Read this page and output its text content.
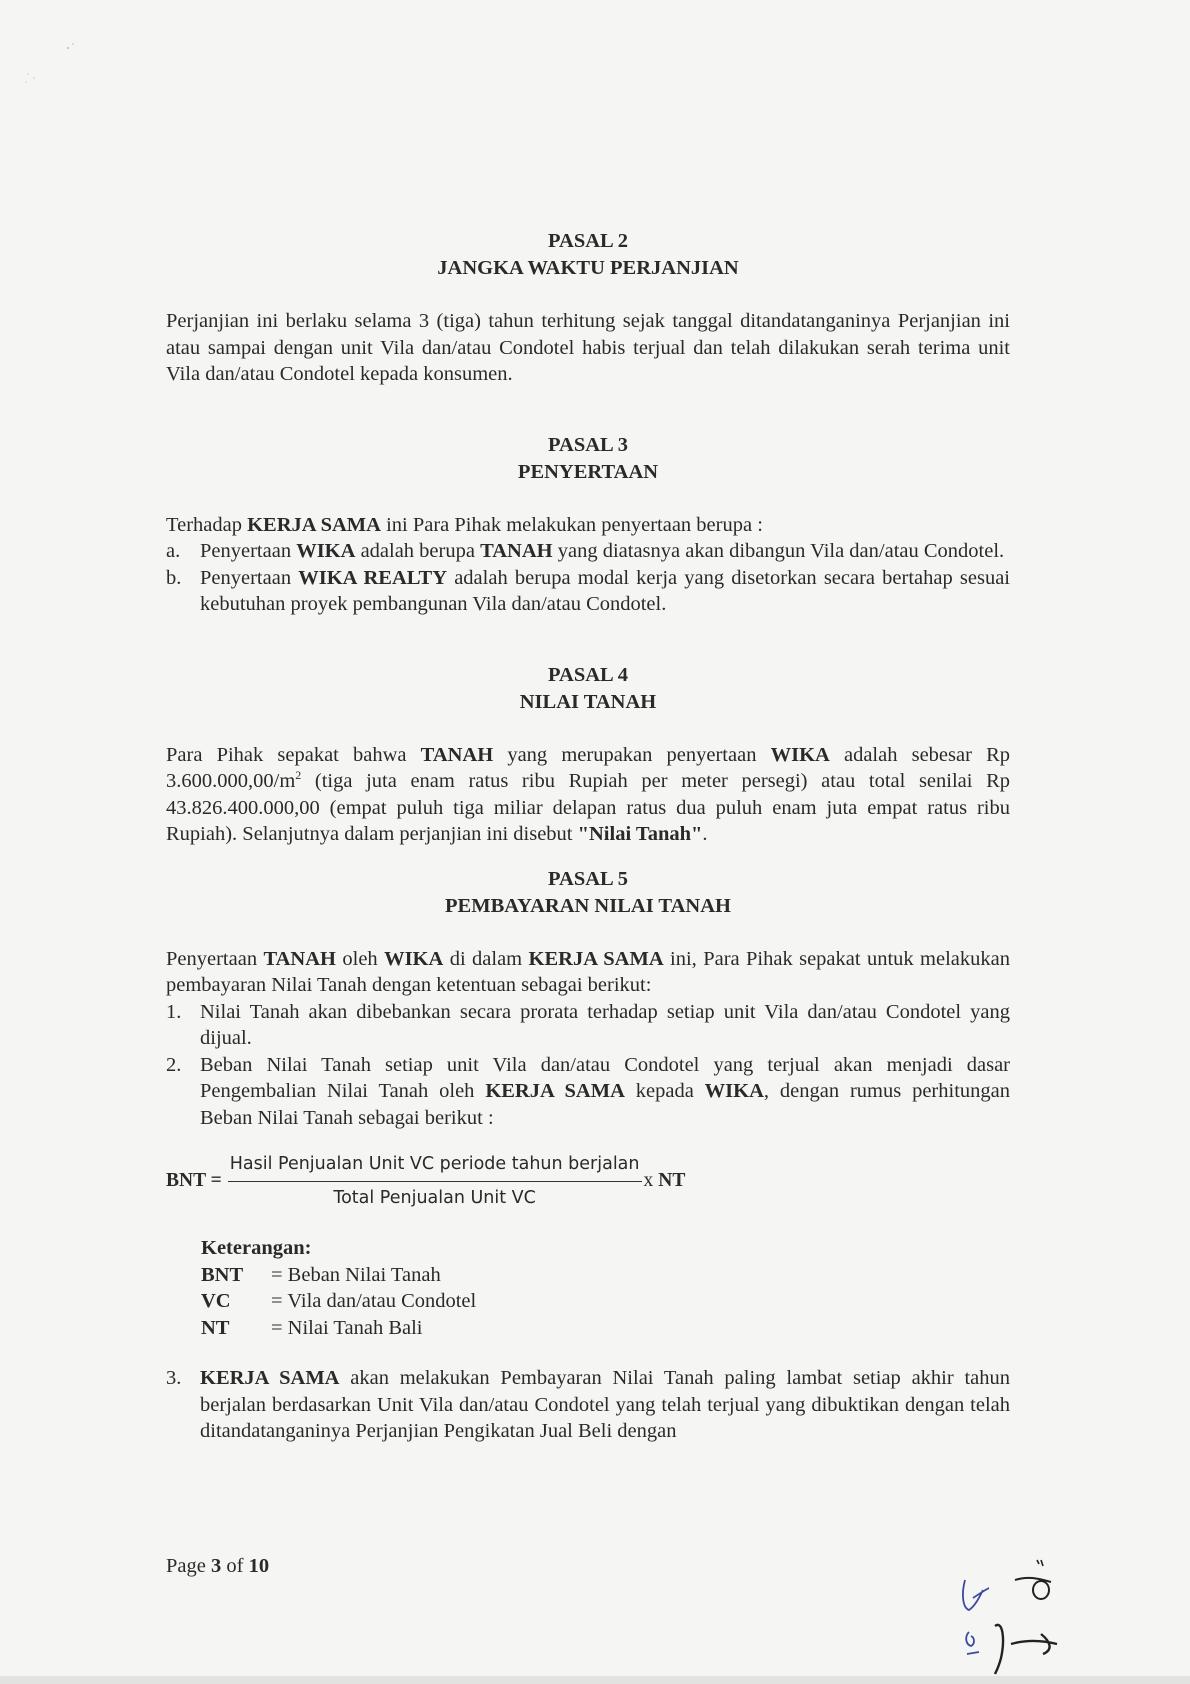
PASAL 2
JANGKA WAKTU PERJANJIAN

Perjanjian ini berlaku selama 3 (tiga) tahun terhitung sejak tanggal ditandatanganinya Perjanjian ini atau sampai dengan unit Vila dan/atau Condotel habis terjual dan telah dilakukan serah terima unit Vila dan/atau Condotel kepada konsumen.

PASAL 3
PENYERTAAN

Terhadap KERJA SAMA ini Para Pihak melakukan penyertaan berupa :

a. Penyertaan WIKA adalah berupa TANAH yang diatasnya akan dibangun Vila dan/atau Condotel.
b. Penyertaan WIKA REALTY adalah berupa modal kerja yang disetorkan secara bertahap sesuai kebutuhan proyek pembangunan Vila dan/atau Condotel.
PASAL 4
NILAI TANAH

Para Pihak sepakat bahwa TANAH yang merupakan penyertaan WIKA adalah sebesar Rp $3.600.000,00/m^2$ (tiga juta enam ratus ribu Rupiah per meter persegi) atau total senilai Rp 43.826.400.000,00 (empat puluh tiga miliar delapan ratus dua puluh enam juta empat ratus ribu Rupiah). Selanjutnya dalam perjanjian ini disebut "Nilai Tanah".

PASAL 5
PEMBAYARAN NILAI TANAH

Penyertaan TANAH oleh WIKA di dalam KERJA SAMA ini, Para Pihak sepakat untuk melakukan pembayaran Nilai Tanah dengan ketentuan sebagai berikut:

1. Nilai Tanah akan dibebankan secara prorata terhadap setiap unit Vila dan/atau Condotel yang dijual.
2. Beban Nilai Tanah setiap unit Vila dan/atau Condotel yang terjual akan menjadi dasar Pengembalian Nilai Tanah oleh KERJA SAMA kepada WIKA, dengan rumus perhitungan Beban Nilai Tanah sebagai berikut :
BNT = $\frac{\text{Hasil Penjualan Unit VC periode tahun berjalan}}{\text{Total Penjualan Unit VC}}$ x NT
Keterangan:
BNT	= Beban Nilai Tanah
VC	= Vila dan/atau Condotel
NT	= Nilai Tanah Bali
3. KERJA SAMA akan melakukan Pembayaran Nilai Tanah paling lambat setiap akhir tahun berjalan berdasarkan Unit Vila dan/atau Condotel yang telah terjual yang dibuktikan dengan telah ditandatanganinya Perjanjian Pengikatan Jual Beli dengan
Page 3 of 10
